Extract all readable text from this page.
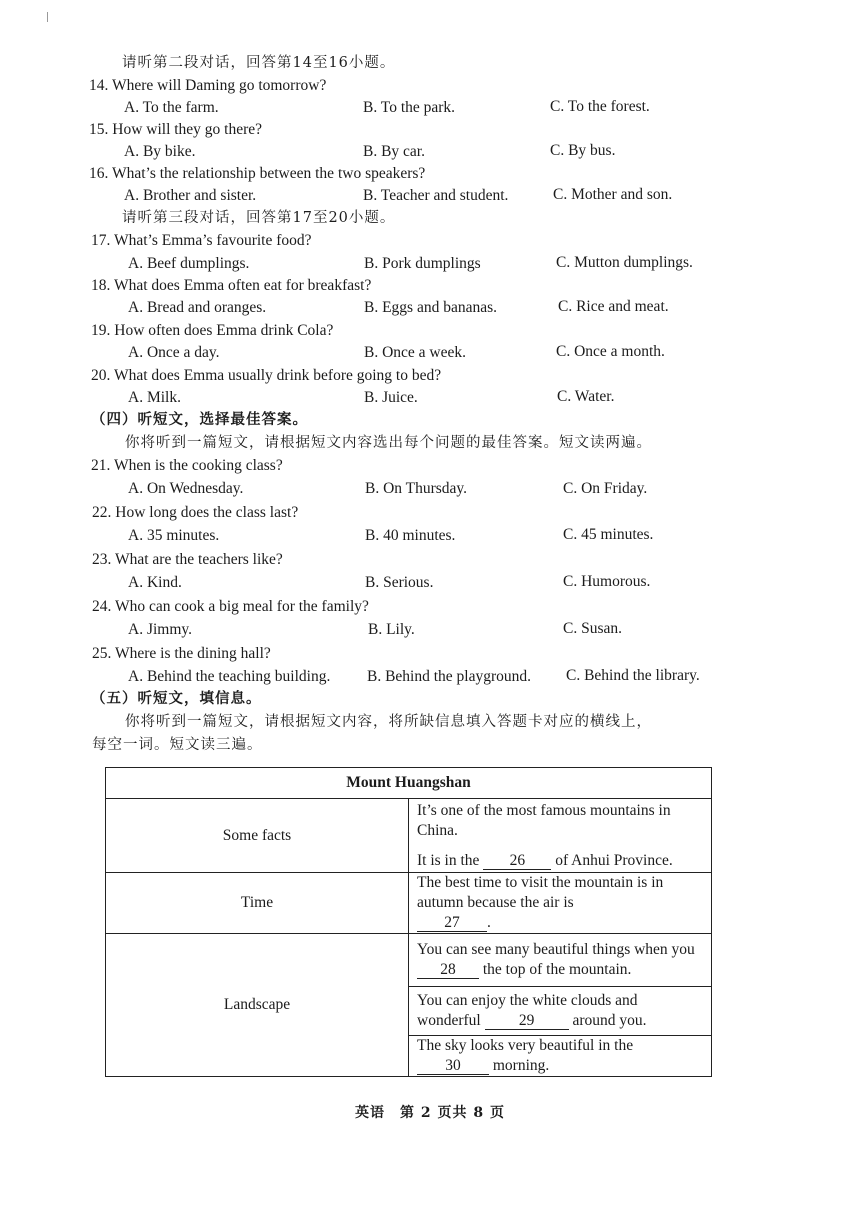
请听第二段对话，回答第14至16小题。
14. Where will Daming go tomorrow?
A. To the farm.	B. To the park.	C. To the forest.
15. How will they go there?
A. By bike.	B. By car.	C. By bus.
16. What’s the relationship between the two speakers?
A. Brother and sister.	B. Teacher and student.	C. Mother and son.
请听第三段对话，回答第17至20小题。
17. What’s Emma’s favourite food?
A. Beef dumplings.	B. Pork dumplings	C. Mutton dumplings.
18. What does Emma often eat for breakfast?
A. Bread and oranges.	B. Eggs and bananas.	C. Rice and meat.
19. How often does Emma drink Cola?
A. Once a day.	B. Once a week.	C. Once a month.
20. What does Emma usually drink before going to bed?
A. Milk.	B. Juice.	C. Water.
（四）听短文，选择最佳答案。
你将听到一篇短文，请根据短文内容选出每个问题的最佳答案。短文读两遍。
21. When is the cooking class?
A. On Wednesday.	B. On Thursday.	C. On Friday.
22. How long does the class last?
A. 35 minutes.	B. 40 minutes.	C. 45 minutes.
23. What are the teachers like?
A. Kind.	B. Serious.	C. Humorous.
24. Who can cook a big meal for the family?
A. Jimmy.	B. Lily.	C. Susan.
25. Where is the dining hall?
A. Behind the teaching building. B. Behind the playground. C. Behind the library.
（五）听短文，填信息。
你将听到一篇短文，请根据短文内容，将所缺信息填入答题卡对应的横线上，
每空一词。短文读三遍。
Mount Huangshan	
Some facts	It’s one of the most famous mountains in China.
It is in the 26 of Anhui Province.

Time	The best time to visit the mountain is in autumn because the air is
27 .

Landscape	You can see many beautiful things when you 28 the top of the mountain.
	You can enjoy the white clouds and wonderful 29 around you.
	The sky looks very beautiful in the 30 morning.
英语　第 2 页共 8 页
